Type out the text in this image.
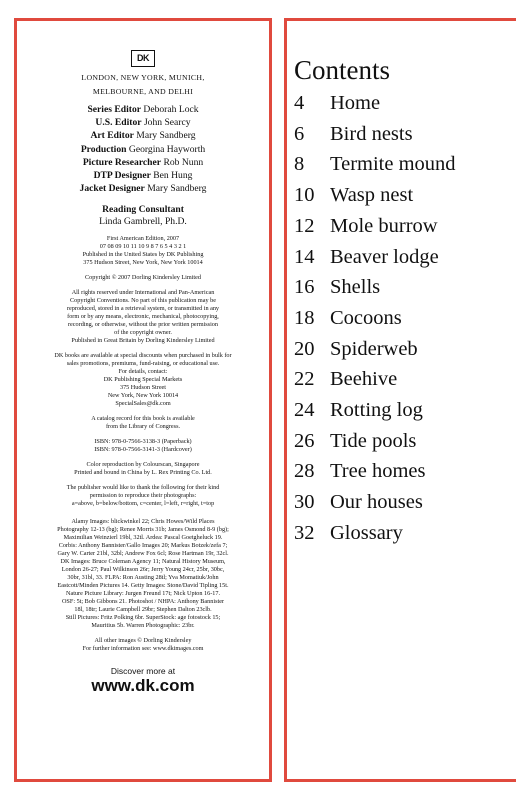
DK
LONDON, NEW YORK, MUNICH,
MELBOURNE, AND DELHI
Series Editor Deborah Lock
U.S. Editor John Searcy
Art Editor Mary Sandberg
Production Georgina Hayworth
Picture Researcher Rob Nunn
DTP Designer Ben Hung
Jacket Designer Mary Sandberg
Reading Consultant
Linda Gambrell, Ph.D.
First American Edition, 2007
07 08 09 10 11 10 9 8 7 6 5 4 3 2 1
Published in the United States by DK Publishing
375 Hudson Street, New York, New York 10014
Copyright © 2007 Dorling Kindersley Limited
All rights reserved under International and Pan-American
Copyright Conventions. No part of this publication may be
reproduced, stored in a retrieval system, or transmitted in any
form or by any means, electronic, mechanical, photocopying,
recording, or otherwise, without the prior written permission
of the copyright owner.
Published in Great Britain by Dorling Kindersley Limited
DK books are available at special discounts when purchased in bulk for
sales promotions, premiums, fund-raising, or educational use.
For details, contact:
DK Publishing Special Markets
375 Hudson Street
New York, New York 10014
SpecialSales@dk.com
A catalog record for this book is available
from the Library of Congress.
ISBN: 978-0-7566-3138-3 (Paperback)
ISBN: 978-0-7566-3141-3 (Hardcover)
Color reproduction by Colourscan, Singapore
Printed and bound in China by L. Rex Printing Co. Ltd.
The publisher would like to thank the following for their kind
permission to reproduce their photographs:
a=above, b=below/bottom, c=center, l=left, r=right, t=top
Alamy Images: blickwinkel 22; Chris Howes/Wild Places
Photography 12-13 (bg); Renee Morris 31b; James Osmond 8-9 (bg);
Maximilian Weinzierl 19bl, 32tl. Ardea: Pascal Goetgheluck 19.
Corbis: Anthony Bannister/Gallo Images 20; Markus Botzek/zefa 7;
Gary W. Carter 21bl, 32bl; Andrew Fox 6cl; Rose Hartman 19r, 32cl.
DK Images: Bruce Coleman Agency 11; Natural History Museum,
London 26-27; Paul Wilkinson 26r; Jerry Young 24cr, 25br, 30bc,
30br, 31bl, 33. FLPA: Ron Austing 28tl; Yva Momatiuk/John
Eastcott/Minden Pictures 14. Getty Images: Stone/David Tipling 15t.
Nature Picture Library: Jurgen Freund 17t; Nick Upton 16-17.
OSF: 5t; Bob Gibbons 21. Photoshot / NHPA: Anthony Bannister
18l, 18tr; Laurie Campbell 29br; Stephen Dalton 23clb.
Still Pictures: Fritz Polking 6br. SuperStock: age fotostock 15;
Mauritius 5b. Warren Photographic: 23br.
All other images © Dorling Kindersley
For further information see: www.dkimages.com
Discover more at
www.dk.com
Contents
4	Home
6	Bird nests
8	Termite mound
10 Wasp nest
12 Mole burrow
14 Beaver lodge
16 Shells
18 Cocoons
20 Spiderweb
22 Beehive
24 Rotting log
26 Tide pools
28 Tree homes
30 Our houses
32 Glossary
